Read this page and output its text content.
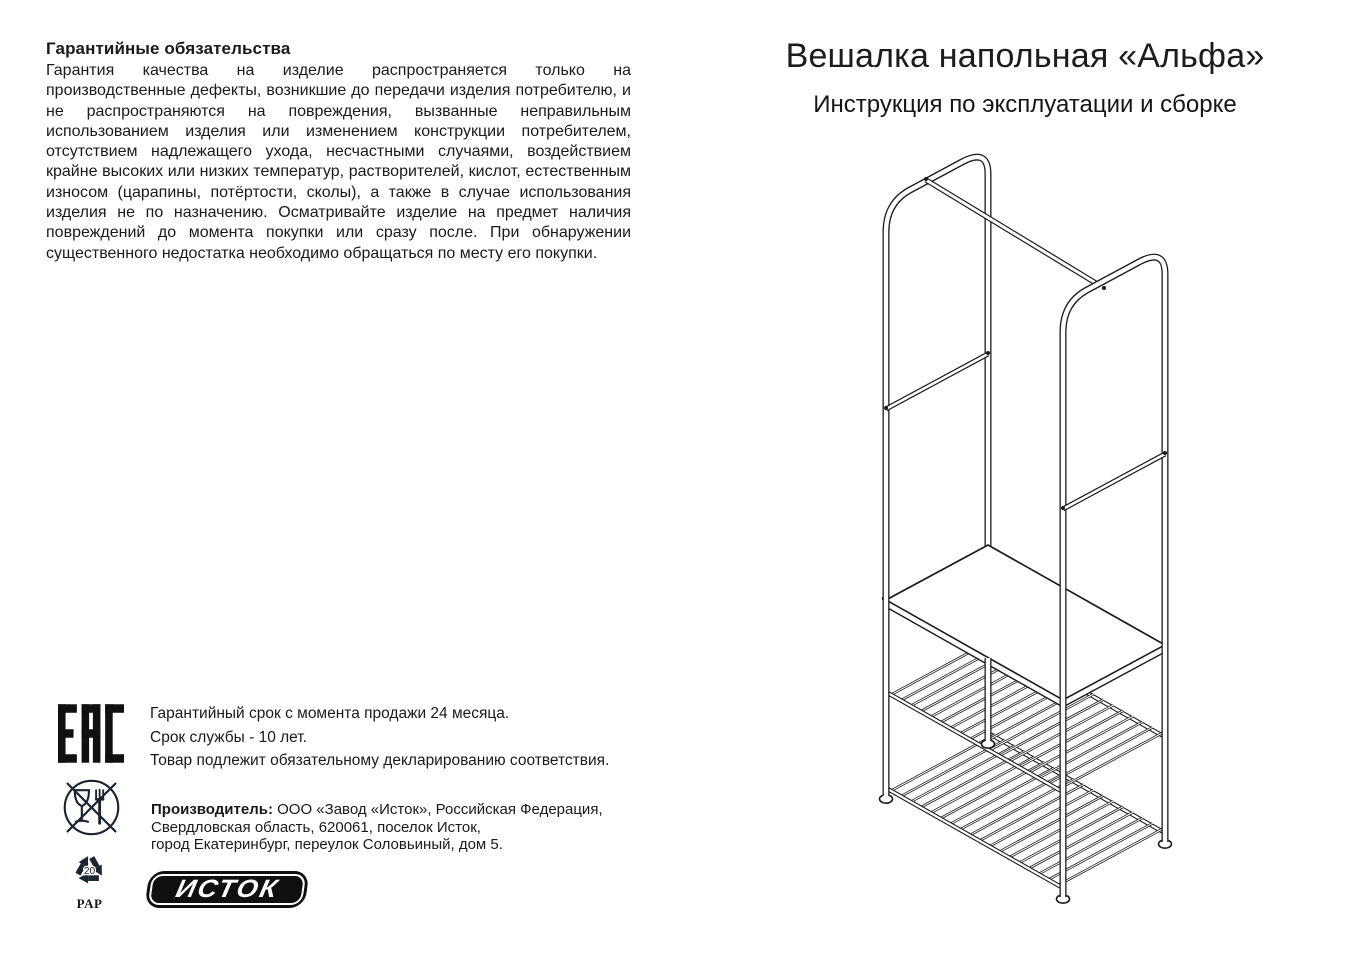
Гарантийные обязательства
Гарантия качества на изделие распространяется только на производственные дефекты, возникшие до передачи изделия потребителю, и не распространяются на повреждения, вызванные неправильным использованием изделия или изменением конструкции потребителем, отсутствием надлежащего ухода, несчастными случаями, воздействием крайне высоких или низких температур, растворителей, кислот, естественным износом (царапины, потёртости, сколы), а также в случае использования изделия не по назначению. Осматривайте изделие на предмет наличия повреждений до момента покупки или сразу после. При обнаружении существенного недостатка необходимо обращаться по месту его покупки.
Гарантийный срок с момента продажи 24 месяца.
Срок службы - 10 лет.
Товар подлежит обязательному декларированию соответствия.
Производитель: ООО «Завод «Исток», Российская Федерация,
Свердловская область, 620061, поселок Исток,
город Екатеринбург, переулок Соловьиный, дом 5.
20
PAP
ИСТОК
Вешалка напольная «Альфа»
Инструкция по эксплуатации и сборке
